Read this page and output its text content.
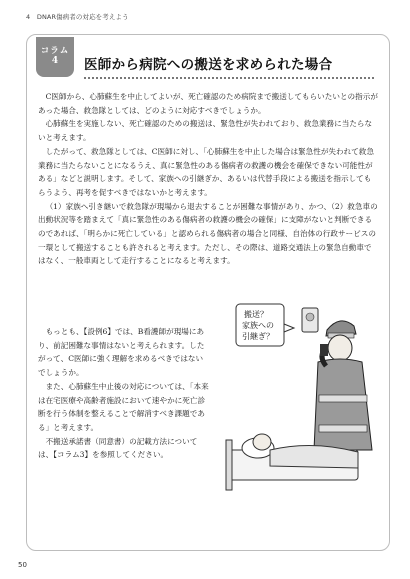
4　DNAR傷病者の対応を考えよう
コラム
4 医師から病院への搬送を求められた場合

C医師から、心肺蘇生を中止してよいが、死亡確認のため病院まで搬送してもらいたいとの指示があった場合、救急隊としては、どのように対応すべきでしょうか。

心肺蘇生を実施しない、死亡確認のための搬送は、緊急性が失われており、救急業務に当たらないと考えます。

したがって、救急隊としては、C医師に対し、「心肺蘇生を中止した場合は緊急性が失われて救急業務に当たらないことになるうえ、真に緊急性のある傷病者の救護の機会を確保できない可能性がある」などと説明します。そして、家族への引継ぎか、あるいは代替手段による搬送を指示してもらうよう、再考を促すべきではないかと考えます。

（1）家族へ引き継いで救急隊が現場から退去することが困難な事情があり、かつ、（2）救急車の出動状況等を踏まえて「真に緊急性のある傷病者の救護の機会の確保」に支障がないと判断できるのであれば、「明らかに死亡している」と認められる傷病者の場合と同様、自治体の行政サービスの一環として搬送することも許されると考えます。ただし、その際は、道路交通法上の緊急自動車ではなく、一般車両として走行することになると考えます。

もっとも、【設例6】では、B看護師が現場にあり、前記困難な事情はないと考えられます。したがって、C医師に強く理解を求めるべきではないでしょうか。

また、心肺蘇生中止後の対応については、「本来は在宅医療や高齢者施設において速やかに死亡診断を行う体制を整えることで解消すべき課題である」と考えます。

不搬送承諾書（同意書）の記載方法については、【コラム3】を参照してください。

搬送？
家族への
引継ぎ？
50
